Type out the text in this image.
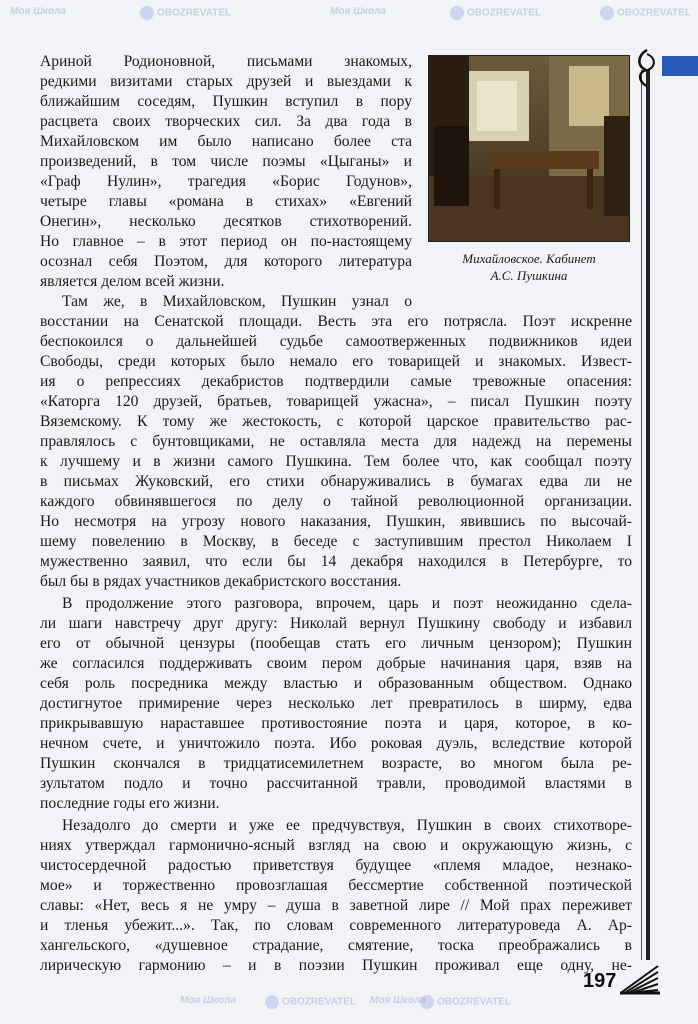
Моя Школа	OBOZREVATEL	Моя Школа	OBOZREVATEL	OBOZREVATEL
Моя Школа	OBOZREVATEL Моя Школа	OBOZREVATEL
Михайловское. Кабинет
А.С. Пушкина
Ариной Родионовной, письмами знакомых,
редкими визитами старых друзей и выездами к
ближайшим соседям, Пушкин вступил в пору
расцвета своих творческих сил. За два года в
Михайловском им было написано более ста
произведений, в том числе поэмы «Цыганы» и
«Граф Нулин», трагедия «Борис Годунов»,
четыре главы «романа в стихах» «Евгений
Онегин», несколько десятков стихотворений.
Но главное – в этот период он по-настоящему
осознал себя Поэтом, для которого литература
является делом всей жизни.
Там же, в Михайловском, Пушкин узнал о
восстании на Сенатской площади. Весть эта его потрясла. Поэт искренне
беспокоился о дальнейшей судьбе самоотверженных подвижников идеи
Свободы, среди которых было немало его товарищей и знакомых. Извест-
ия о репрессиях декабристов подтвердили самые тревожные опасения:
«Каторга 120 друзей, братьев, товарищей ужасна», – писал Пушкин поэту
Вяземскому. К тому же жестокость, с которой царское правительство рас-
правлялось с бунтовщиками, не оставляла места для надежд на перемены
к лучшему и в жизни самого Пушкина. Тем более что, как сообщал поэту
в письмах Жуковский, его стихи обнаруживались в бумагах едва ли не
каждого обвинявшегося по делу о тайной революционной организации.
Но несмотря на угрозу нового наказания, Пушкин, явившись по высочай-
шему повелению в Москву, в беседе с заступившим престол Николаем I
мужественно заявил, что если бы 14 декабря находился в Петербурге, то
был бы в рядах участников декабристского восстания.
В продолжение этого разговора, впрочем, царь и поэт неожиданно сдела-
ли шаги навстречу друг другу: Николай вернул Пушкину свободу и избавил
его от обычной цензуры (пообещав стать его личным цензором); Пушкин
же согласился поддерживать своим пером добрые начинания царя, взяв на
себя роль посредника между властью и образованным обществом. Однако
достигнутое примирение через несколько лет превратилось в ширму, едва
прикрывавшую нараставшее противостояние поэта и царя, которое, в ко-
нечном счете, и уничтожило поэта. Ибо роковая дуэль, вследствие которой
Пушкин скончался в тридцатисемилетнем возрасте, во многом была ре-
зультатом подло и точно рассчитанной травли, проводимой властями в
последние годы его жизни.
Незадолго до смерти и уже ее предчувствуя, Пушкин в своих стихотворе-
ниях утверждал гармонично-ясный взгляд на свою и окружающую жизнь, с
чистосердечной радостью приветствуя будущее «племя младое, незнако-
мое» и торжественно провозглашая бессмертие собственной поэтической
славы: «Нет, весь я не умру – душа в заветной лире // Мой прах переживет
и тленья убежит...». Так, по словам современного литературоведа А. Ар-
хангельского, «душевное страдание, смятение, тоска преображались в
лирическую гармонию – и в поэзии Пушкин проживал еще одну, не-
197
